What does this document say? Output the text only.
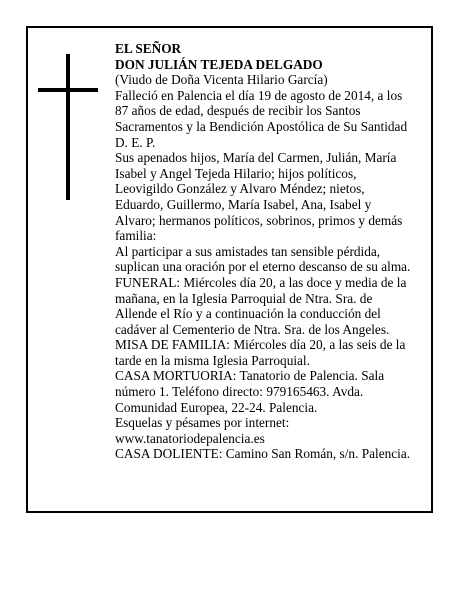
EL SEÑOR
DON JULIÁN TEJEDA DELGADO
(Viudo de Doña Vicenta Hilario García)
Falleció en Palencia el día 19 de agosto de 2014, a los
87 años de edad, después de recibir los Santos
Sacramentos y la Bendición Apostólica de Su Santidad
D. E. P.
Sus apenados hijos, María del Carmen, Julián, María
Isabel y Angel Tejeda Hilario; hijos políticos,
Leovigildo González y Alvaro Méndez; nietos,
Eduardo, Guillermo, María Isabel, Ana, Isabel y
Alvaro; hermanos políticos, sobrinos, primos y demás
familia:
Al participar a sus amistades tan sensible pérdida,
suplican una oración por el eterno descanso de su alma.
FUNERAL: Miércoles día 20, a las doce y media de la
mañana, en la Iglesia Parroquial de Ntra. Sra. de
Allende el Río y a continuación la conducción del
cadáver al Cementerio de Ntra. Sra. de los Angeles.
MISA DE FAMILIA: Miércoles día 20, a las seis de la
tarde en la misma Iglesia Parroquial.
CASA MORTUORIA: Tanatorio de Palencia. Sala
número 1. Teléfono directo: 979165463. Avda.
Comunidad Europea, 22-24. Palencia.
Esquelas y pésames por internet:
www.tanatoriodepalencia.es
CASA DOLIENTE: Camino San Román, s/n. Palencia.
